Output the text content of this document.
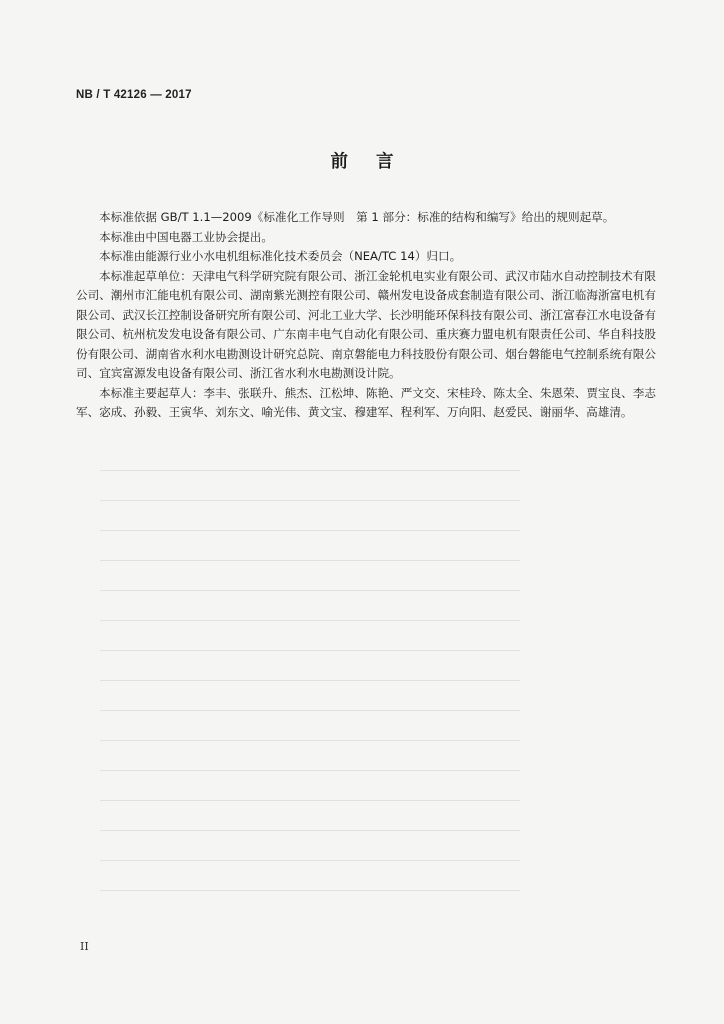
NB / T 42126 — 2017
前言

本标准依据 GB/T 1.1—2009《标准化工作导则　第 1 部分：标准的结构和编写》给出的规则起草。

本标准由中国电器工业协会提出。

本标准由能源行业小水电机组标准化技术委员会（NEA/TC 14）归口。

本标准起草单位：天津电气科学研究院有限公司、浙江金轮机电实业有限公司、武汉市陆水自动控制技术有限公司、潮州市汇能电机有限公司、湖南紫光测控有限公司、赣州发电设备成套制造有限公司、浙江临海浙富电机有限公司、武汉长江控制设备研究所有限公司、河北工业大学、长沙明能环保科技有限公司、浙江富春江水电设备有限公司、杭州杭发发电设备有限公司、广东南丰电气自动化有限公司、重庆赛力盟电机有限责任公司、华自科技股份有限公司、湖南省水利水电勘测设计研究总院、南京磐能电力科技股份有限公司、烟台磐能电气控制系统有限公司、宜宾富源发电设备有限公司、浙江省水利水电勘测设计院。

本标准主要起草人：李丰、张联升、熊杰、江松坤、陈艳、严文交、宋桂玲、陈太全、朱恩荣、贾宝良、李志军、宓成、孙毅、王寅华、刘东文、喻光伟、黄文宝、穆建军、程利军、万向阳、赵爱民、谢丽华、高雄清。

II
